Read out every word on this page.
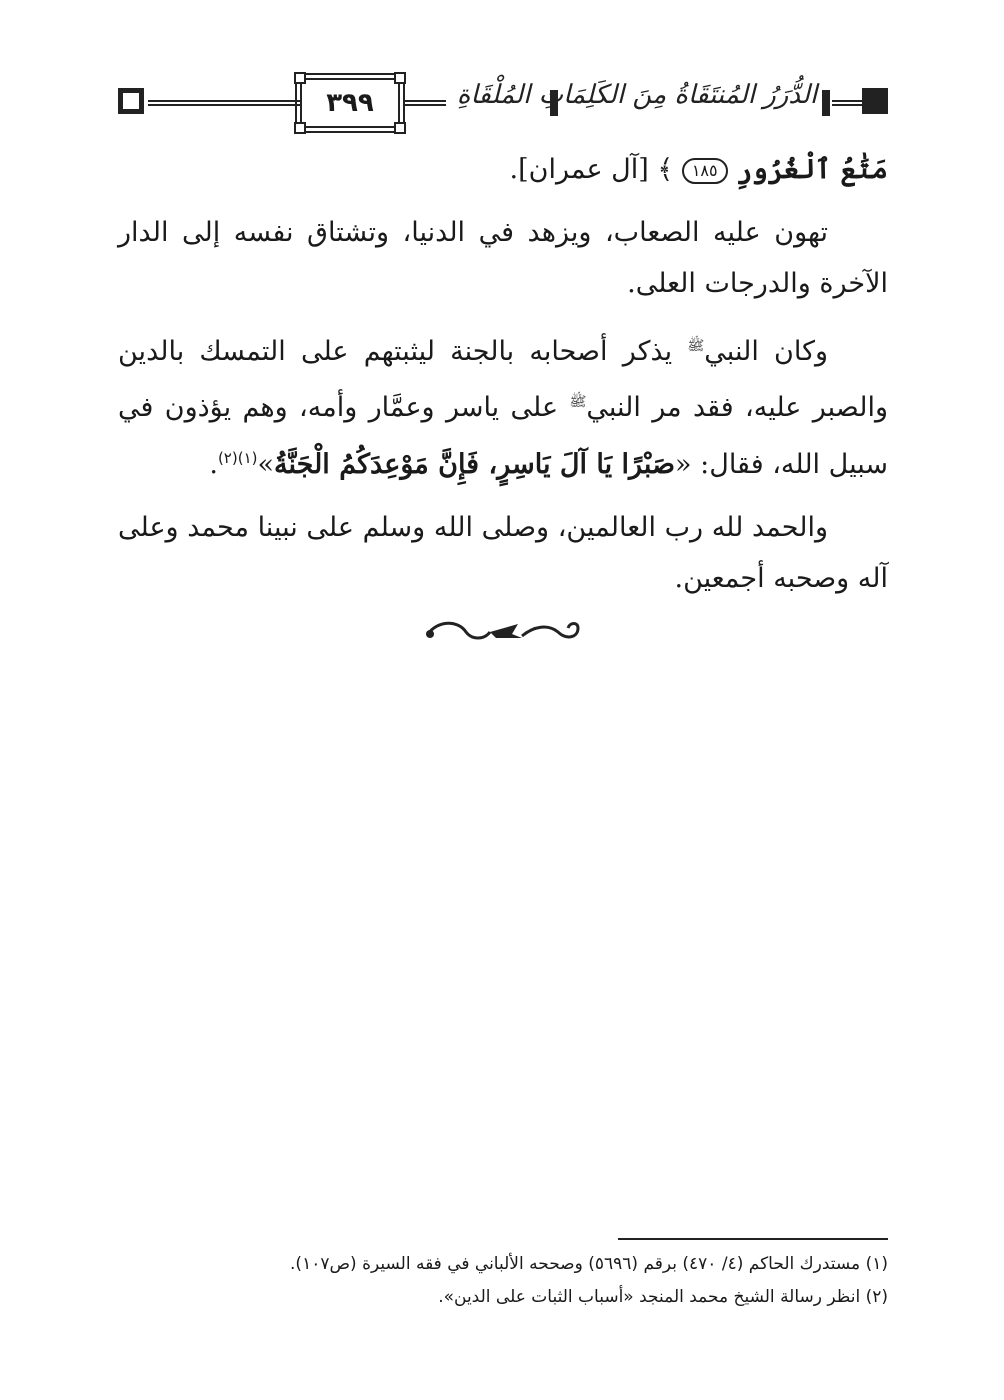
٣٩٩	الدُّرَرُ المُنتَقَاةُ مِنَ الكَلِمَاتِ المُلْقَاةِ

مَتَٰعُ ٱلْغُرُورِ ١٨٥ ﴾ [آل عمران].

تهون عليه الصعاب، ويزهد في الدنيا، وتشتاق نفسه إلى الدار الآخرة والدرجات العلى.

وكان النبي$^ﷺ$ يذكر أصحابه بالجنة ليثبتهم على التمسك بالدين والصبر عليه، فقد مر النبي$^ﷺ$ على ياسر وعمَّار وأمه، وهم يؤذون في سبيل الله، فقال: «صَبْرًا يَا آلَ يَاسِرٍ، فَإِنَّ مَوْعِدَكُمُ الْجَنَّةُ»$^{(١)(٢)}$.

والحمد لله رب العالمين، وصلى الله وسلم على نبينا محمد وعلى آله وصحبه أجمعين.

(١) مستدرك الحاكم (٤/ ٤٧٠) برقم (٥٦٩٦) وصححه الألباني في فقه السيرة (ص١٠٧).

(٢) انظر رسالة الشيخ محمد المنجد «أسباب الثبات على الدين».
